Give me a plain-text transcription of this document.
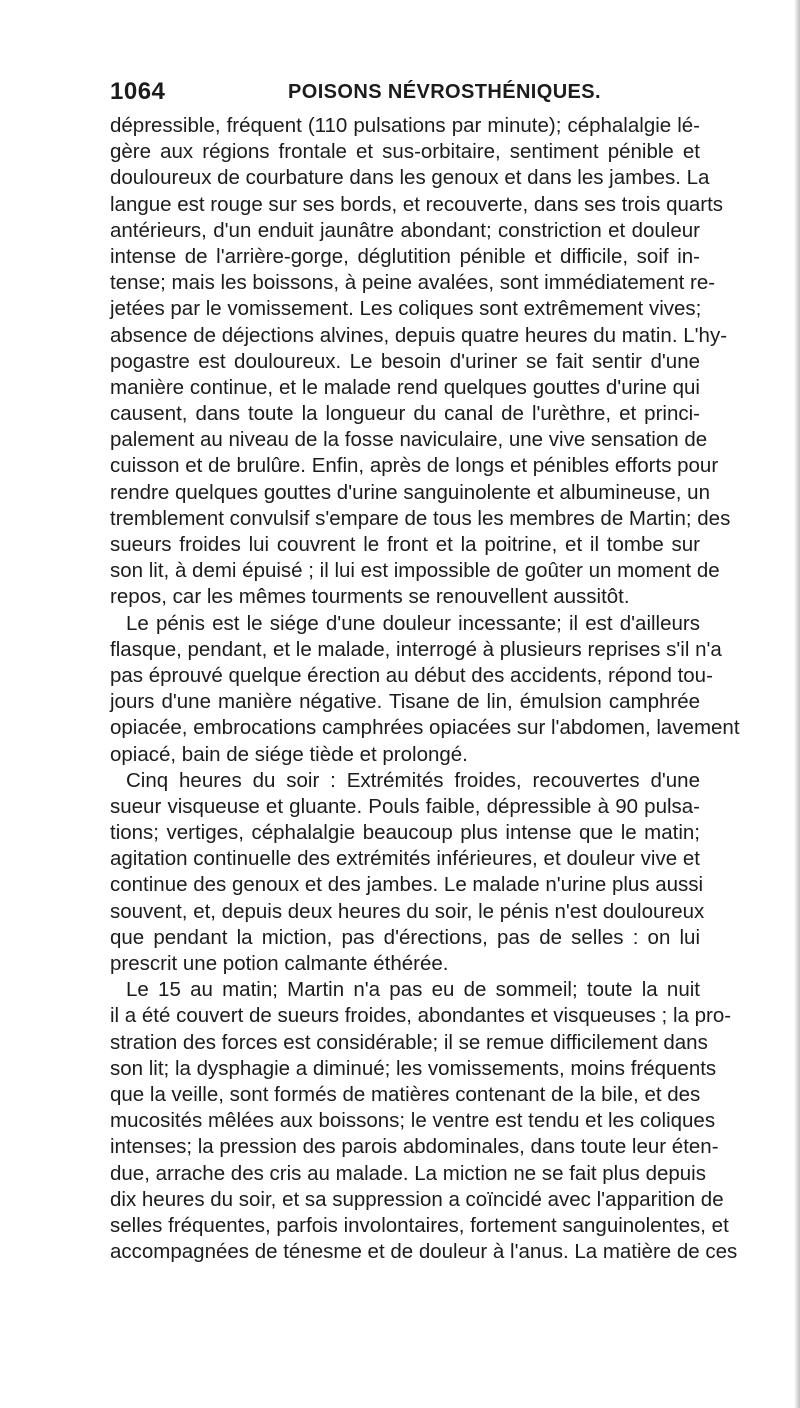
1064	POISONS NÉVROSTHÉNIQUES.
dépressible, fréquent (110 pulsations par minute); céphalalgie lé-
gère aux régions frontale et sus-orbitaire, sentiment pénible et
douloureux de courbature dans les genoux et dans les jambes. La
langue est rouge sur ses bords, et recouverte, dans ses trois quarts
antérieurs, d'un enduit jaunâtre abondant; constriction et douleur
intense de l'arrière-gorge, déglutition pénible et difficile, soif in-
tense; mais les boissons, à peine avalées, sont immédiatement re-
jetées par le vomissement. Les coliques sont extrêmement vives;
absence de déjections alvines, depuis quatre heures du matin. L'hy-
pogastre est douloureux. Le besoin d'uriner se fait sentir d'une
manière continue, et le malade rend quelques gouttes d'urine qui
causent, dans toute la longueur du canal de l'urèthre, et princi-
palement au niveau de la fosse naviculaire, une vive sensation de
cuisson et de brulûre. Enfin, après de longs et pénibles efforts pour
rendre quelques gouttes d'urine sanguinolente et albumineuse, un
tremblement convulsif s'empare de tous les membres de Martin; des
sueurs froides lui couvrent le front et la poitrine, et il tombe sur
son lit, à demi épuisé ; il lui est impossible de goûter un moment de
repos, car les mêmes tourments se renouvellent aussitôt.
Le pénis est le siége d'une douleur incessante; il est d'ailleurs
flasque, pendant, et le malade, interrogé à plusieurs reprises s'il n'a
pas éprouvé quelque érection au début des accidents, répond tou-
jours d'une manière négative. Tisane de lin, émulsion camphrée
opiacée, embrocations camphrées opiacées sur l'abdomen, lavement
opiacé, bain de siége tiède et prolongé.
Cinq heures du soir : Extrémités froides, recouvertes d'une
sueur visqueuse et gluante. Pouls faible, dépressible à 90 pulsa-
tions; vertiges, céphalalgie beaucoup plus intense que le matin;
agitation continuelle des extrémités inférieures, et douleur vive et
continue des genoux et des jambes. Le malade n'urine plus aussi
souvent, et, depuis deux heures du soir, le pénis n'est douloureux
que pendant la miction, pas d'érections, pas de selles : on lui
prescrit une potion calmante éthérée.
Le 15 au matin; Martin n'a pas eu de sommeil; toute la nuit
il a été couvert de sueurs froides, abondantes et visqueuses ; la pro-
stration des forces est considérable; il se remue difficilement dans
son lit; la dysphagie a diminué; les vomissements, moins fréquents
que la veille, sont formés de matières contenant de la bile, et des
mucosités mêlées aux boissons; le ventre est tendu et les coliques
intenses; la pression des parois abdominales, dans toute leur éten-
due, arrache des cris au malade. La miction ne se fait plus depuis
dix heures du soir, et sa suppression a coïncidé avec l'apparition de
selles fréquentes, parfois involontaires, fortement sanguinolentes, et
accompagnées de ténesme et de douleur à l'anus. La matière de ces
